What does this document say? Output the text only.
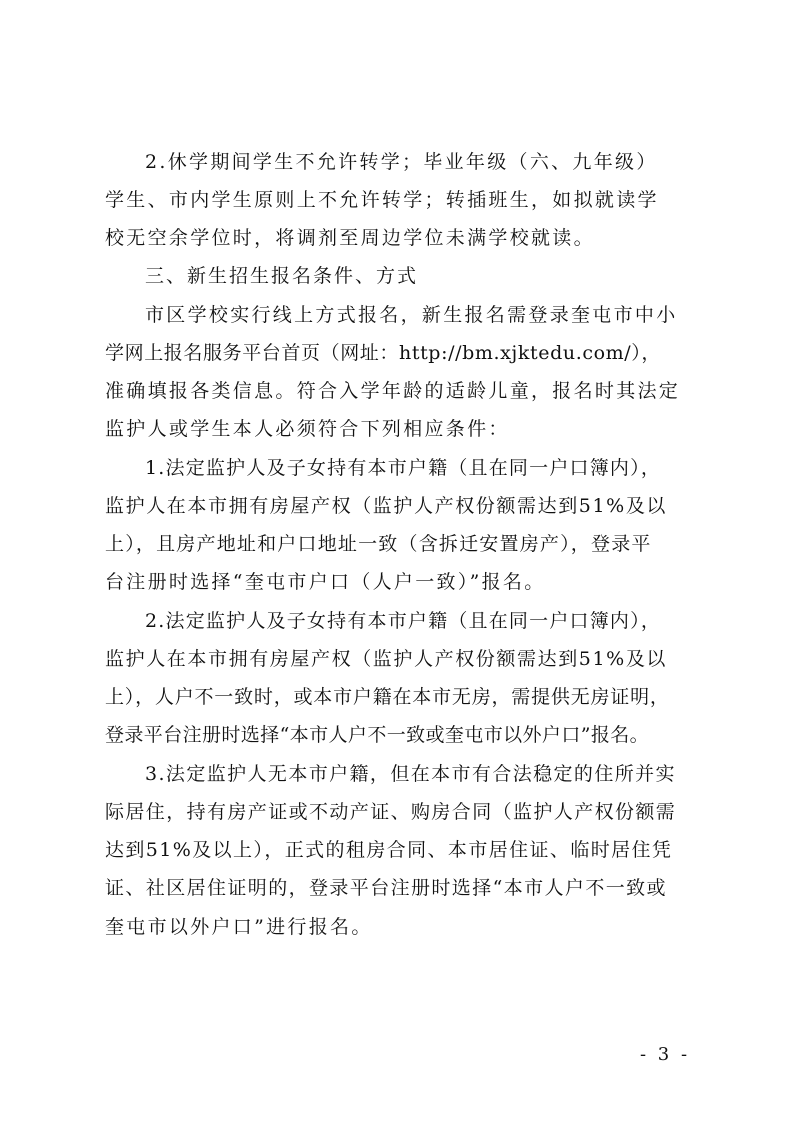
2.休学期间学生不允许转学；毕业年级（六、九年级）
学生、市内学生原则上不允许转学；转插班生，如拟就读学
校无空余学位时，将调剂至周边学位未满学校就读。
三、新生招生报名条件、方式
市区学校实行线上方式报名，新生报名需登录奎屯市中小
学网上报名服务平台首页（网址：http://bm.xjktedu.com/），
准确填报各类信息。符合入学年龄的适龄儿童，报名时其法定
监护人或学生本人必须符合下列相应条件：
1.法定监护人及子女持有本市户籍（且在同一户口簿内），
监护人在本市拥有房屋产权（监护人产权份额需达到51%及以
上），且房产地址和户口地址一致（含拆迁安置房产），登录平
台注册时选择“奎屯市户口（人户一致）”报名。
2.法定监护人及子女持有本市户籍（且在同一户口簿内），
监护人在本市拥有房屋产权（监护人产权份额需达到51%及以
上），人户不一致时，或本市户籍在本市无房，需提供无房证明，
登录平台注册时选择“本市人户不一致或奎屯市以外户口”报名。
3.法定监护人无本市户籍，但在本市有合法稳定的住所并实
际居住，持有房产证或不动产证、购房合同（监护人产权份额需
达到51%及以上），正式的租房合同、本市居住证、临时居住凭
证、社区居住证明的，登录平台注册时选择“本市人户不一致或
奎屯市以外户口”进行报名。
- 3 -
